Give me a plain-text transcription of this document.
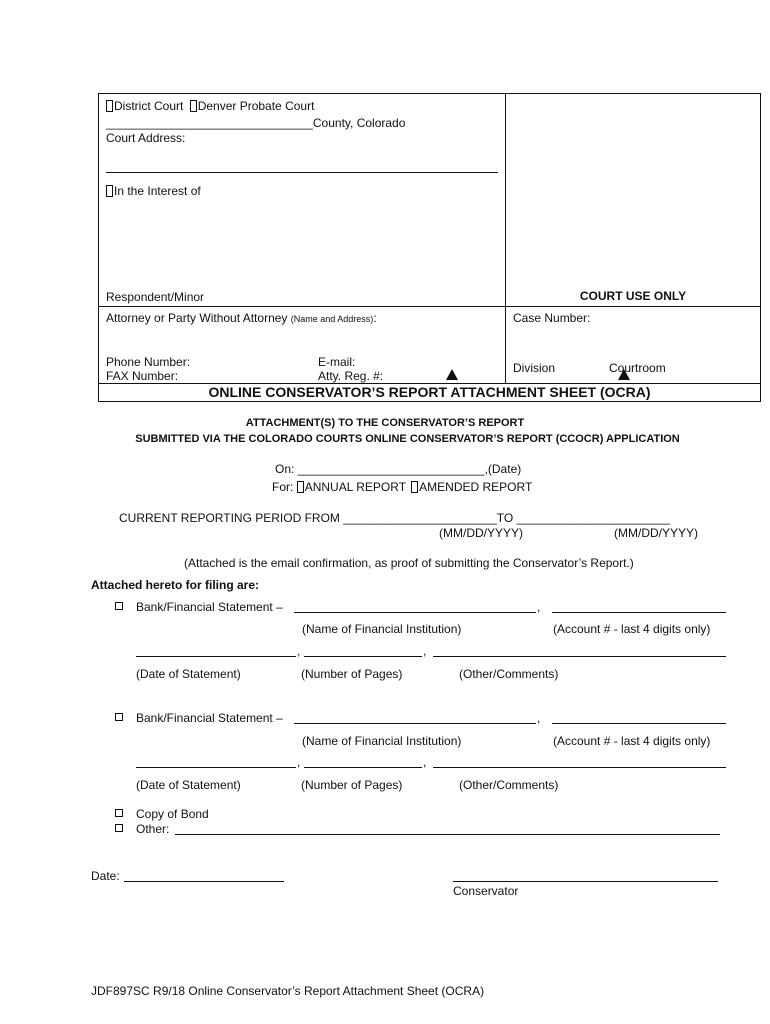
District Court Denver Probate Court
_______________________________County, Colorado
Court Address:
In the Interest of
Respondent/Minor	COURT USE ONLY
Attorney or Party Without Attorney (Name and Address):
Phone Number:	E-mail:
FAX Number:	Atty. Reg. #:
Case Number:
Division	Courtroom
ONLINE CONSERVATOR’S REPORT ATTACHMENT SHEET (OCRA)
ATTACHMENT(S) TO THE CONSERVATOR’S REPORT
SUBMITTED VIA THE COLORADO COURTS ONLINE CONSERVATOR’S REPORT (CCOCR) APPLICATION
On: ____________________________,(Date)
For: ANNUAL REPORT AMENDED REPORT
CURRENT REPORTING PERIOD FROM _______________________TO _______________________
(MM/DD/YYYY)	(MM/DD/YYYY)
(Attached is the email confirmation, as proof of submitting the Conservator’s Report.)
Attached hereto for filing are:
Bank/Financial Statement –	,
(Name of Financial Institution)	(Account # - last 4 digits only)
,	,
(Date of Statement)	(Number of Pages)	(Other/Comments)
Bank/Financial Statement –	,
(Name of Financial Institution)	(Account # - last 4 digits only)
,	,
(Date of Statement)	(Number of Pages)	(Other/Comments)
Copy of Bond
Other:
Date:
Conservator
JDF897SC R9/18 Online Conservator’s Report Attachment Sheet (OCRA)
